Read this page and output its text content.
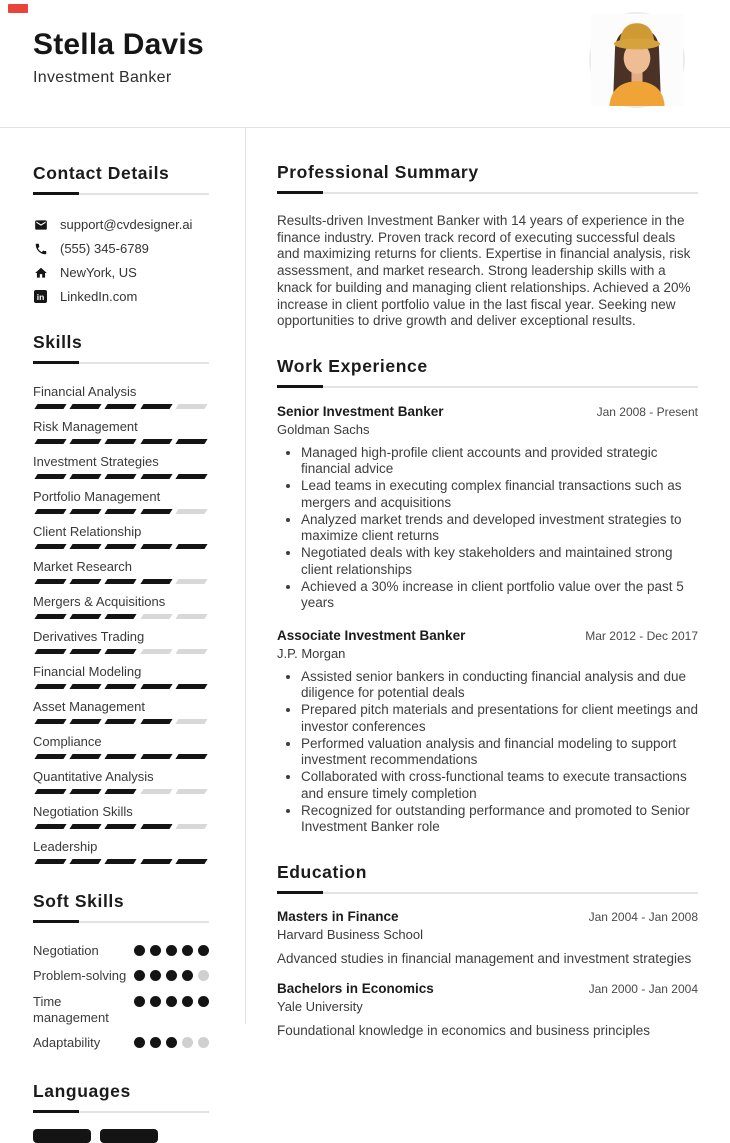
Stella Davis
Investment Banker
Contact Details
support@cvdesigner.ai
(555) 345-6789
NewYork, US
in LinkedIn.com
Skills
Financial Analysis
Risk Management
Investment Strategies
Portfolio Management
Client Relationship
Market Research
Mergers & Acquisitions
Derivatives Trading
Financial Modeling
Asset Management
Compliance
Quantitative Analysis
Negotiation Skills
Leadership
Soft Skills
Negotiation
Problem-solving
Time management
Adaptability
Languages
Professional Summary
Results-driven Investment Banker with 14 years of experience in the finance industry. Proven track record of executing successful deals and maximizing returns for clients. Expertise in financial analysis, risk assessment, and market research. Strong leadership skills with a knack for building and managing client relationships. Achieved a 20% increase in client portfolio value in the last fiscal year. Seeking new opportunities to drive growth and deliver exceptional results.
Work Experience
Senior Investment Banker	Jan 2008 - Present
Goldman Sachs
• Managed high-profile client accounts and provided strategic financial advice
• Lead teams in executing complex financial transactions such as mergers and acquisitions
• Analyzed market trends and developed investment strategies to maximize client returns
• Negotiated deals with key stakeholders and maintained strong client relationships
• Achieved a 30% increase in client portfolio value over the past 5 years
Associate Investment Banker	Mar 2012 - Dec 2017
J.P. Morgan
• Assisted senior bankers in conducting financial analysis and due diligence for potential deals
• Prepared pitch materials and presentations for client meetings and investor conferences
• Performed valuation analysis and financial modeling to support investment recommendations
• Collaborated with cross-functional teams to execute transactions and ensure timely completion
• Recognized for outstanding performance and promoted to Senior Investment Banker role
Education
Masters in Finance	Jan 2004 - Jan 2008
Harvard Business School
Advanced studies in financial management and investment strategies
Bachelors in Economics	Jan 2000 - Jan 2004
Yale University
Foundational knowledge in economics and business principles
